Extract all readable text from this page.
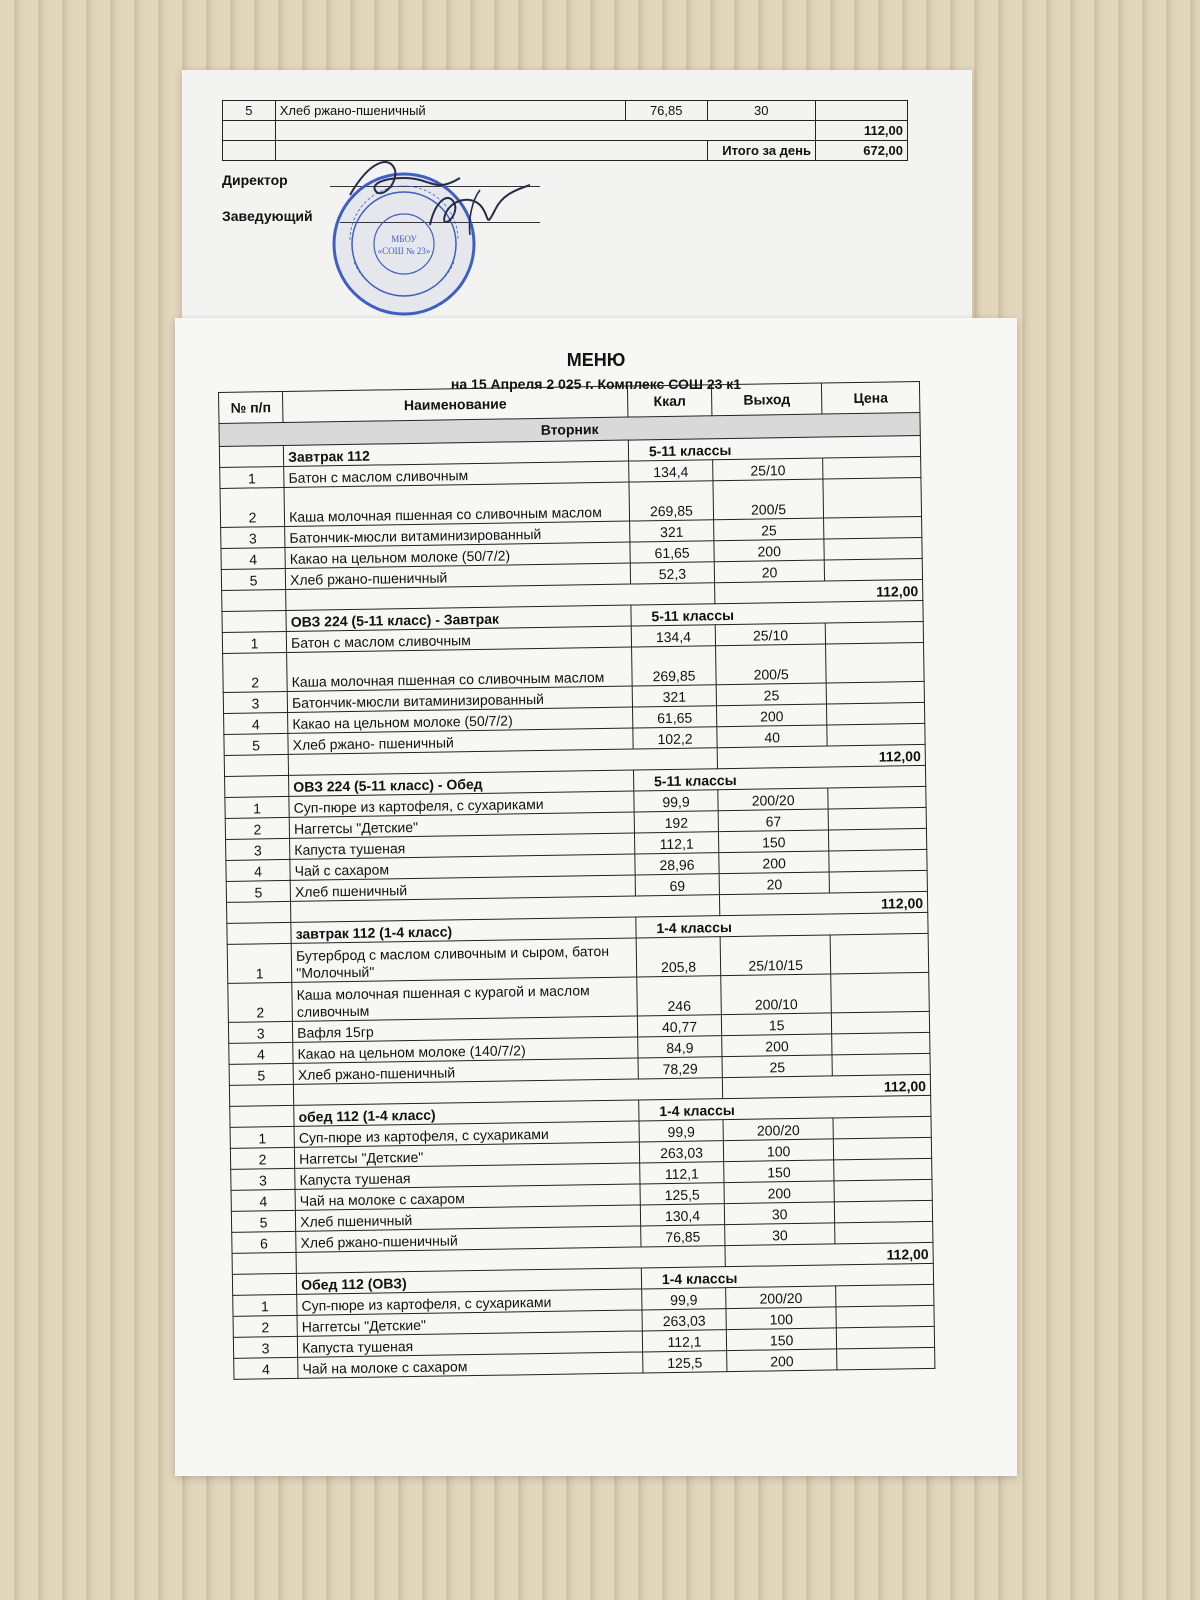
5	Хлеб ржано-пшеничный	76,85	30	
				112,00
			Итого за день	672,00
Директор
Заведующий
МБОУ
«СОШ № 23»
МЕНЮ
на 15 Апреля 2 025 г. Комплекс СОШ 23 к1
№ п/п	Наименование	Ккал	Выход	Цена
Вторник				
	Завтрак 112	5-11 классы		
1	Батон с маслом сливочным	134,4	25/10	
2	Каша молочная пшенная со сливочным маслом	269,85	200/5	
3	Батончик-мюсли витаминизированный	321	25	
4	Какао на цельном молоке (50/7/2)	61,65	200	
5	Хлеб ржано-пшеничный	52,3	20	
			112,00	
	ОВЗ 224 (5-11 класс) - Завтрак	5-11 классы		
1	Батон с маслом сливочным	134,4	25/10	
2	Каша молочная пшенная со сливочным маслом	269,85	200/5	
3	Батончик-мюсли витаминизированный	321	25	
4	Какао на цельном молоке (50/7/2)	61,65	200	
5	Хлеб ржано- пшеничный	102,2	40	
			112,00	
	ОВЗ 224 (5-11 класс) - Обед	5-11 классы		
1	Суп-пюре из картофеля, с сухариками	99,9	200/20	
2	Наггетсы "Детские"	192	67	
3	Капуста тушеная	112,1	150	
4	Чай с сахаром	28,96	200	
5	Хлеб пшеничный	69	20	
			112,00	
	завтрак 112 (1-4 класс)	1-4 классы		
1	Бутерброд с маслом сливочным и сыром, батон "Молочный"	205,8	25/10/15	
2	Каша молочная пшенная с курагой и маслом сливочным	246	200/10	
3	Вафля 15гр	40,77	15	
4	Какао на цельном молоке (140/7/2)	84,9	200	
5	Хлеб ржано-пшеничный	78,29	25	
			112,00	
	обед 112 (1-4 класс)	1-4 классы		
1	Суп-пюре из картофеля, с сухариками	99,9	200/20	
2	Наггетсы "Детские"	263,03	100	
3	Капуста тушеная	112,1	150	
4	Чай на молоке с сахаром	125,5	200	
5	Хлеб пшеничный	130,4	30	
6	Хлеб ржано-пшеничный	76,85	30	
			112,00	
	Обед 112 (ОВЗ)	1-4 классы		
1	Суп-пюре из картофеля, с сухариками	99,9	200/20	
2	Наггетсы "Детские"	263,03	100	
3	Капуста тушеная	112,1	150	
4	Чай на молоке с сахаром	125,5	200	
